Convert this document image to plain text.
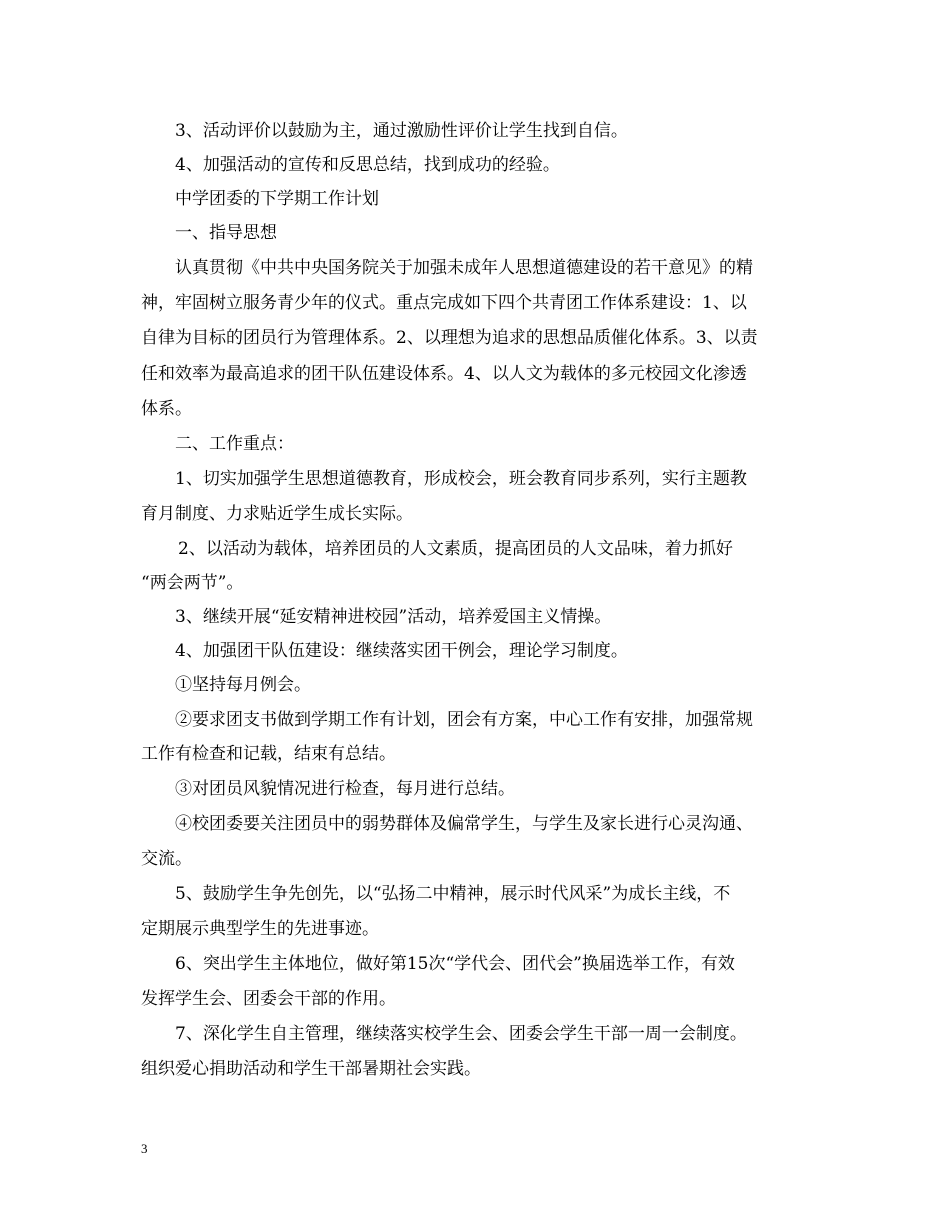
3、活动评价以鼓励为主，通过激励性评价让学生找到自信。
4、加强活动的宣传和反思总结，找到成功的经验。
中学团委的下学期工作计划
一、指导思想
认真贯彻《中共中央国务院关于加强未成年人思想道德建设的若干意见》的精
神，牢固树立服务青少年的仪式。重点完成如下四个共青团工作体系建设：1、以
自律为目标的团员行为管理体系。2、以理想为追求的思想品质催化体系。3、以责
任和效率为最高追求的团干队伍建设体系。4、以人文为载体的多元校园文化渗透
体系。
二、工作重点：
1、切实加强学生思想道德教育，形成校会，班会教育同步系列，实行主题教
育月制度、力求贴近学生成长实际。
2、以活动为载体，培养团员的人文素质，提高团员的人文品味，着力抓好
“两会两节”。
3、继续开展“延安精神进校园”活动，培养爱国主义情操。
4、加强团干队伍建设：继续落实团干例会，理论学习制度。
①坚持每月例会。
②要求团支书做到学期工作有计划，团会有方案，中心工作有安排，加强常规
工作有检查和记载，结束有总结。
③对团员风貌情况进行检查，每月进行总结。
④校团委要关注团员中的弱势群体及偏常学生，与学生及家长进行心灵沟通、
交流。
5、鼓励学生争先创先，以“弘扬二中精神，展示时代风采”为成长主线，不
定期展示典型学生的先进事迹。
6、突出学生主体地位，做好第15次“学代会、团代会”换届选举工作，有效
发挥学生会、团委会干部的作用。
7、深化学生自主管理，继续落实校学生会、团委会学生干部一周一会制度。
组织爱心捐助活动和学生干部暑期社会实践。
3
